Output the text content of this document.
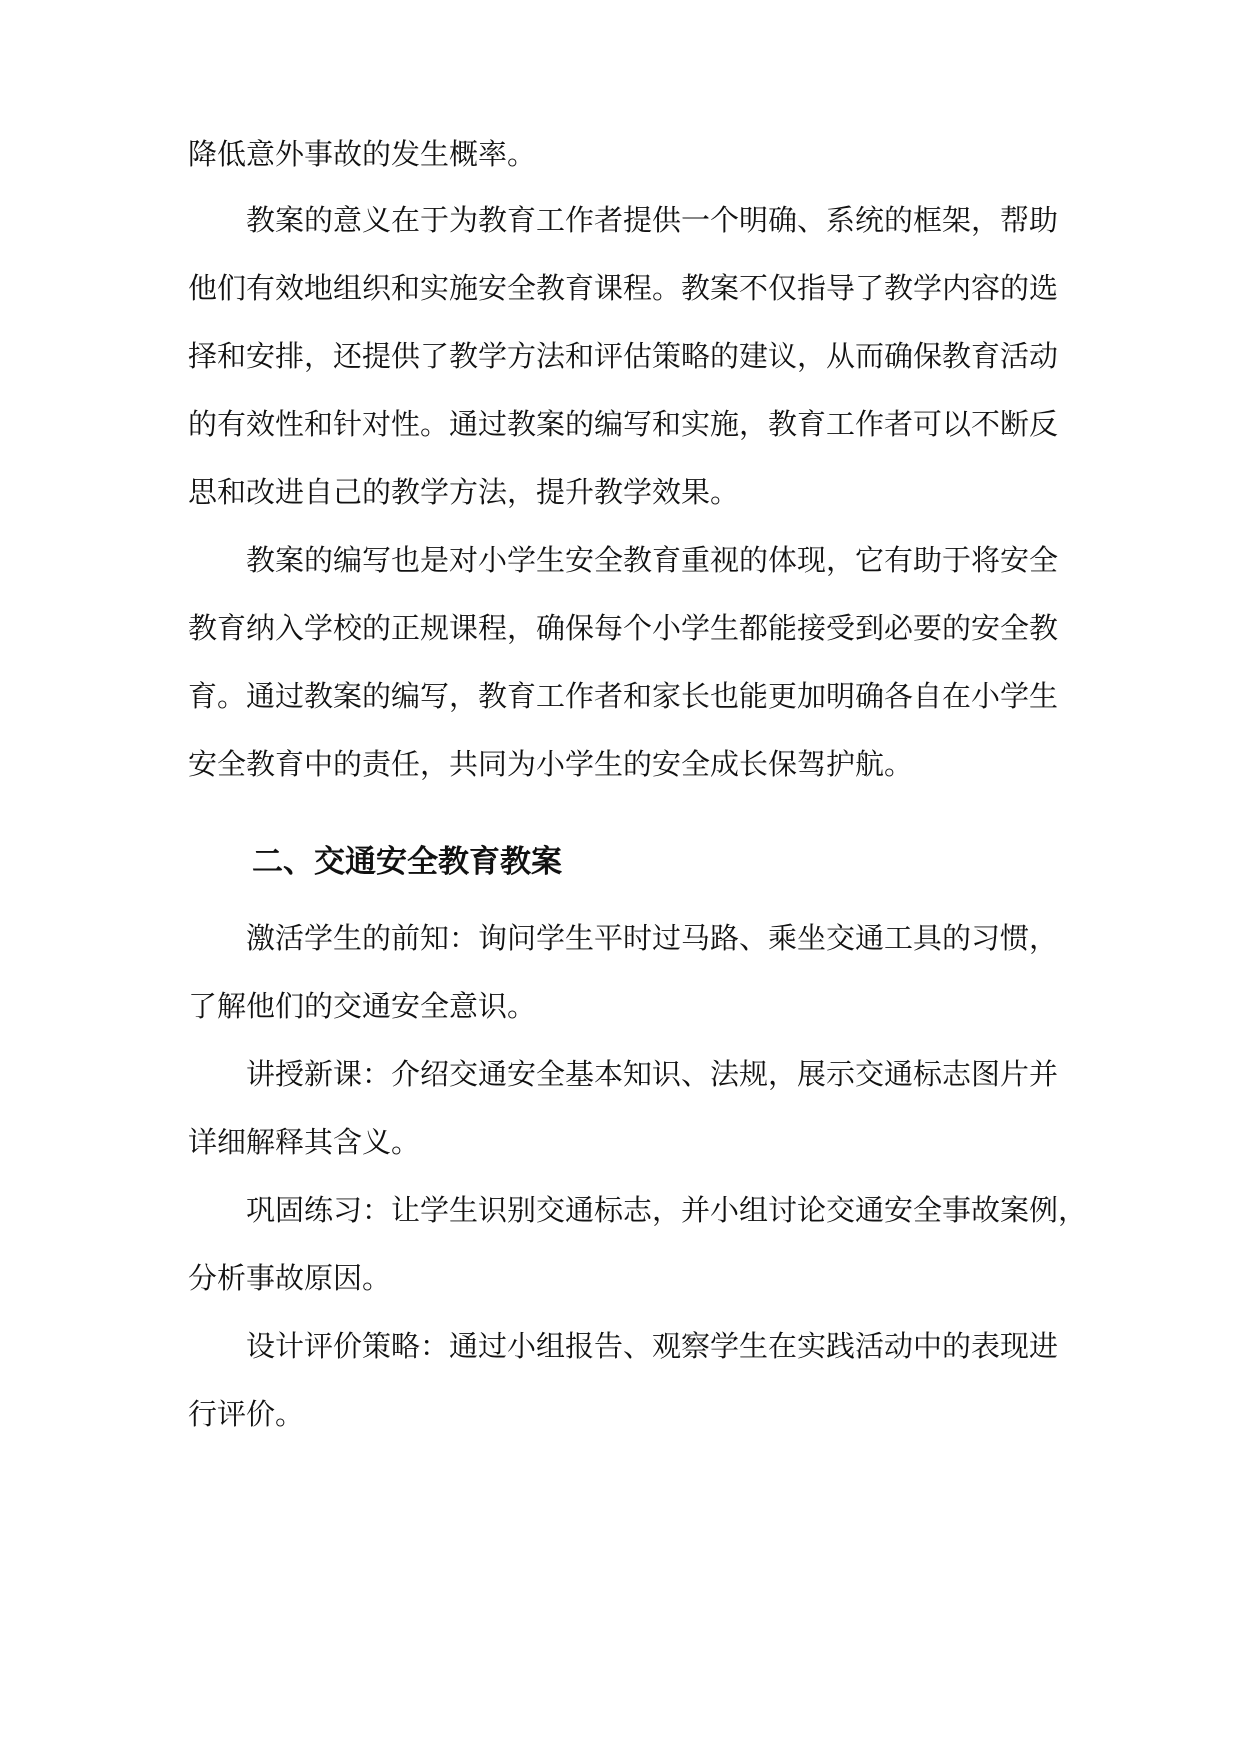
降低意外事故的发生概率。
教案的意义在于为教育工作者提供一个明确、系统的框架，帮助
他们有效地组织和实施安全教育课程。教案不仅指导了教学内容的选
择和安排，还提供了教学方法和评估策略的建议，从而确保教育活动
的有效性和针对性。通过教案的编写和实施，教育工作者可以不断反
思和改进自己的教学方法，提升教学效果。
教案的编写也是对小学生安全教育重视的体现，它有助于将安全
教育纳入学校的正规课程，确保每个小学生都能接受到必要的安全教
育。通过教案的编写，教育工作者和家长也能更加明确各自在小学生
安全教育中的责任，共同为小学生的安全成长保驾护航。
二、交通安全教育教案
激活学生的前知：询问学生平时过马路、乘坐交通工具的习惯，
了解他们的交通安全意识。
讲授新课：介绍交通安全基本知识、法规，展示交通标志图片并
详细解释其含义。
巩固练习：让学生识别交通标志，并小组讨论交通安全事故案例，
分析事故原因。
设计评价策略：通过小组报告、观察学生在实践活动中的表现进
行评价。
